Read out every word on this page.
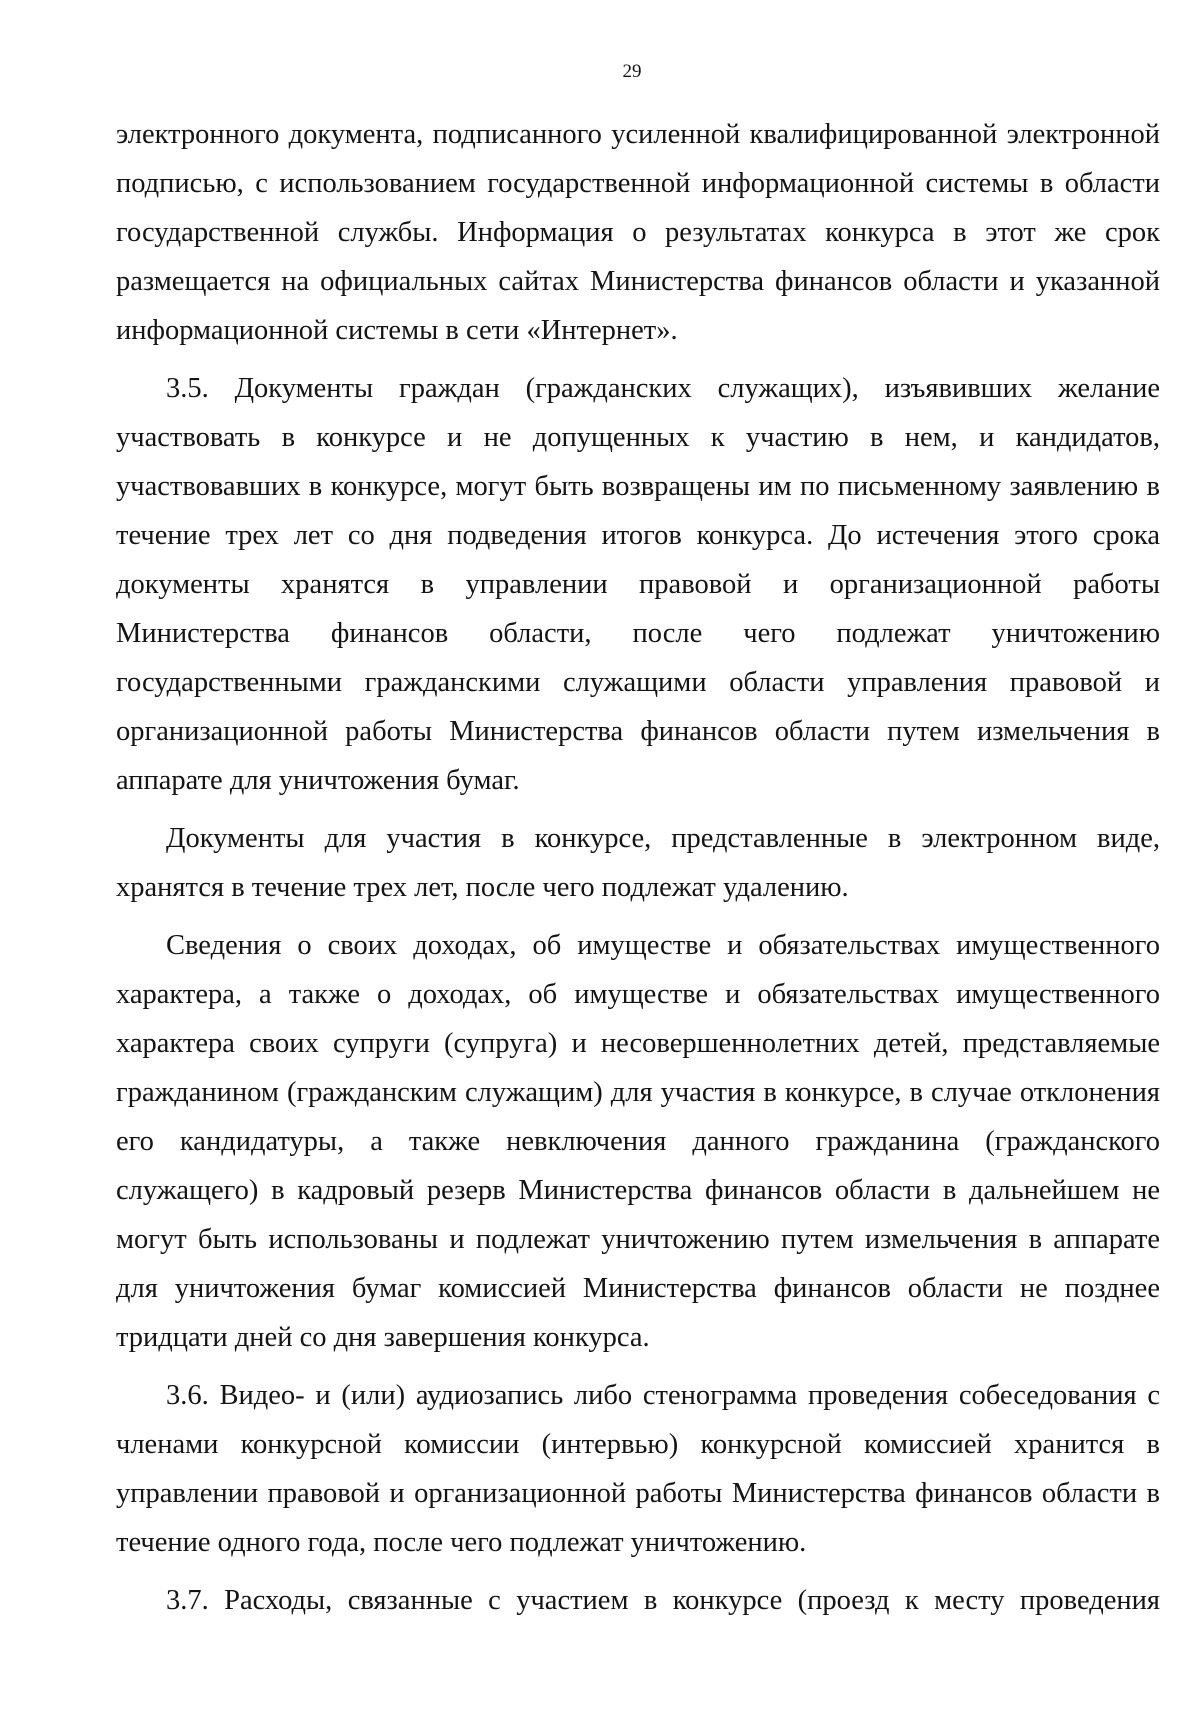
29

электронного документа, подписанного усиленной квалифицированной электронной подписью, с использованием государственной информационной системы в области государственной службы. Информация о результатах конкурса в этот же срок размещается на официальных сайтах Министерства финансов области и указанной информационной системы в сети «Интернет».

3.5. Документы граждан (гражданских служащих), изъявивших желание участвовать в конкурсе и не допущенных к участию в нем, и кандидатов, участвовавших в конкурсе, могут быть возвращены им по письменному заявлению в течение трех лет со дня подведения итогов конкурса. До истечения этого срока документы хранятся в управлении правовой и организационной работы Министерства финансов области, после чего подлежат уничтожению государственными гражданскими служащими области управления правовой и организационной работы Министерства финансов области путем измельчения в аппарате для уничтожения бумаг.

Документы для участия в конкурсе, представленные в электронном виде, хранятся в течение трех лет, после чего подлежат удалению.

Сведения о своих доходах, об имуществе и обязательствах имущественного характера, а также о доходах, об имуществе и обязательствах имущественного характера своих супруги (супруга) и несовершеннолетних детей, представляемые гражданином (гражданским служащим) для участия в конкурсе, в случае отклонения его кандидатуры, а также невключения данного гражданина (гражданского служащего) в кадровый резерв Министерства финансов области в дальнейшем не могут быть использованы и подлежат уничтожению путем измельчения в аппарате для уничтожения бумаг комиссией Министерства финансов области не позднее тридцати дней со дня завершения конкурса.

3.6. Видео- и (или) аудиозапись либо стенограмма проведения собеседования с членами конкурсной комиссии (интервью) конкурсной комиссией хранится в управлении правовой и организационной работы Министерства финансов области в течение одного года, после чего подлежат уничтожению.

3.7. Расходы, связанные с участием в конкурсе (проезд к месту проведения
